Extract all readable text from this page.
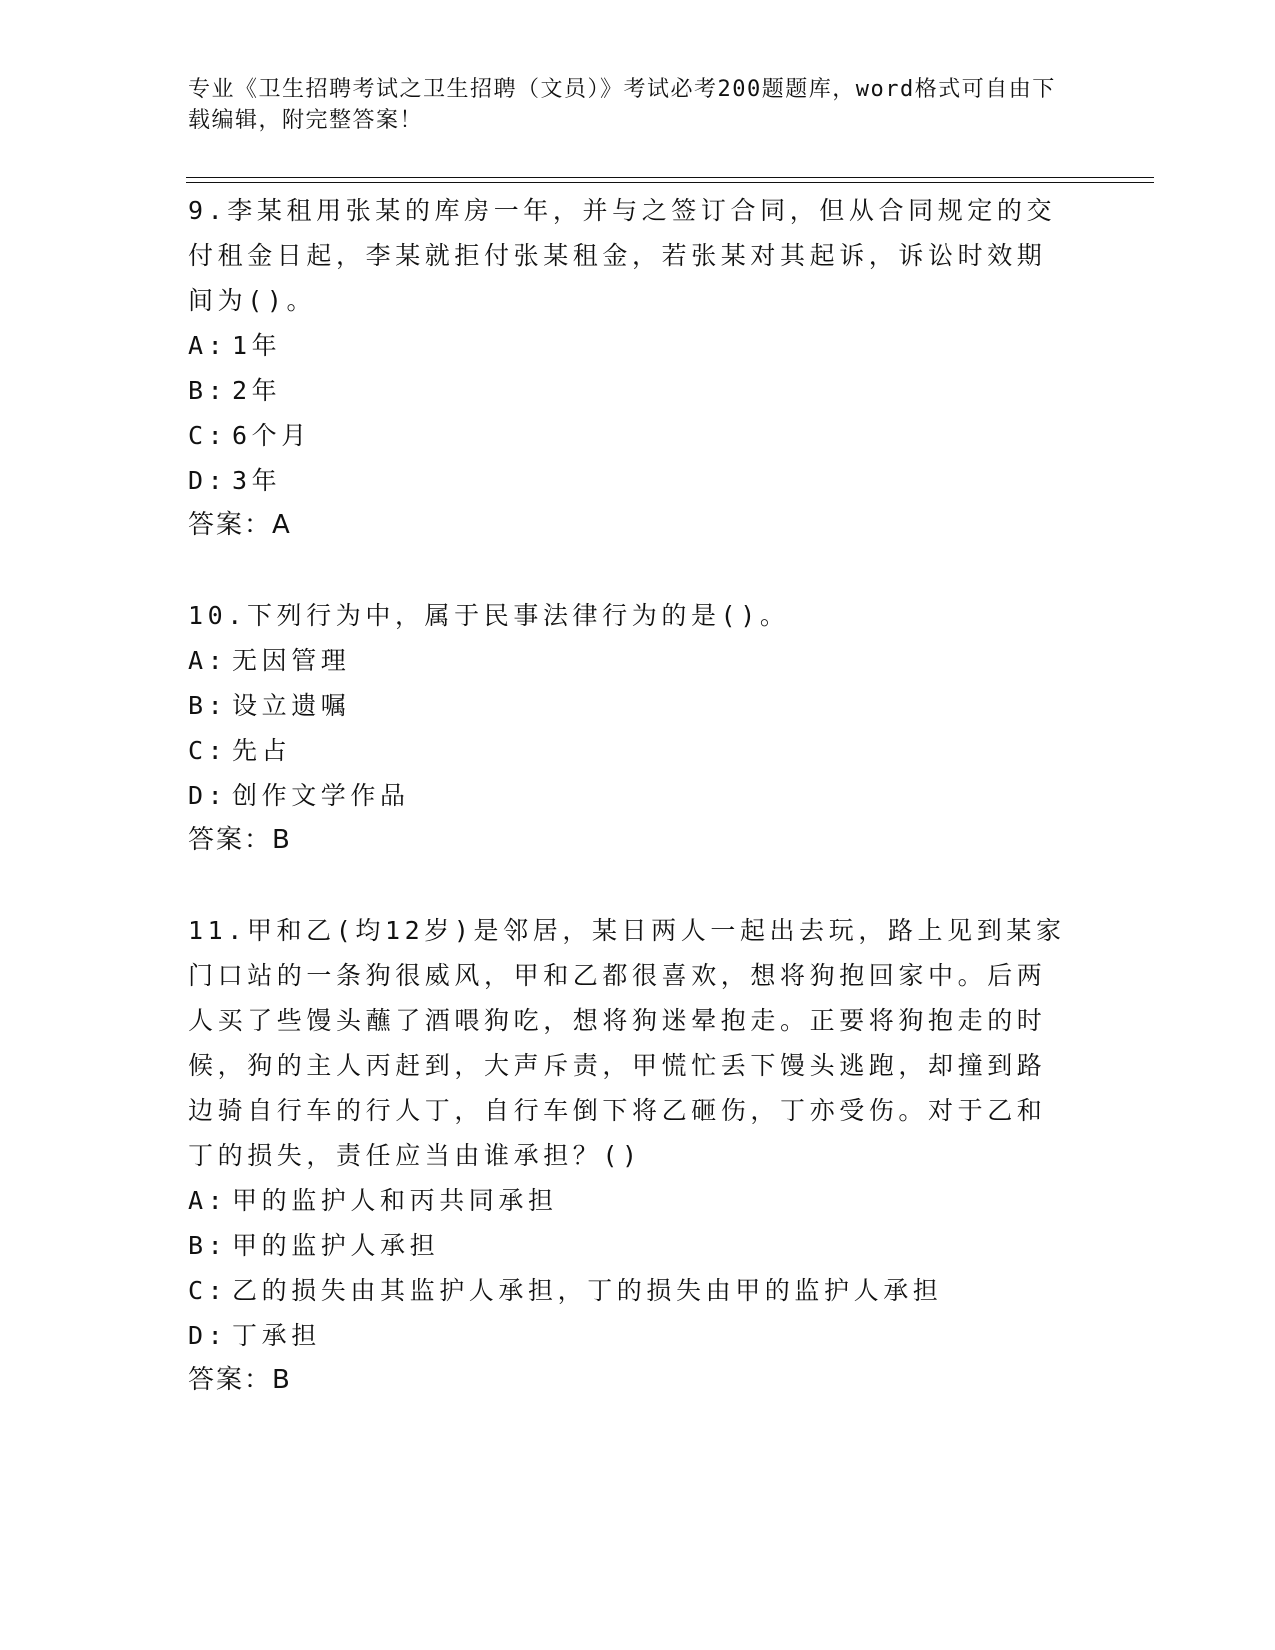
专业《卫生招聘考试之卫生招聘（文员）》考试必考200题题库，word格式可自由下载编辑，附完整答案！

9.李某租用张某的库房一年，并与之签订合同，但从合同规定的交付租金日起，李某就拒付张某租金，若张某对其起诉，诉讼时效期间为()。

A: 1年

B: 2年

C: 6个月

D: 3年

答案：A

10.下列行为中，属于民事法律行为的是()。

A: 无因管理

B: 设立遗嘱

C: 先占

D: 创作文学作品

答案：B

11.甲和乙(均12岁)是邻居，某日两人一起出去玩，路上见到某家门口站的一条狗很威风，甲和乙都很喜欢，想将狗抱回家中。后两人买了些馒头蘸了酒喂狗吃，想将狗迷晕抱走。正要将狗抱走的时候，狗的主人丙赶到，大声斥责，甲慌忙丢下馒头逃跑，却撞到路边骑自行车的行人丁，自行车倒下将乙砸伤，丁亦受伤。对于乙和丁的损失，责任应当由谁承担？()

A: 甲的监护人和丙共同承担

B: 甲的监护人承担

C: 乙的损失由其监护人承担，丁的损失由甲的监护人承担

D: 丁承担

答案：B
